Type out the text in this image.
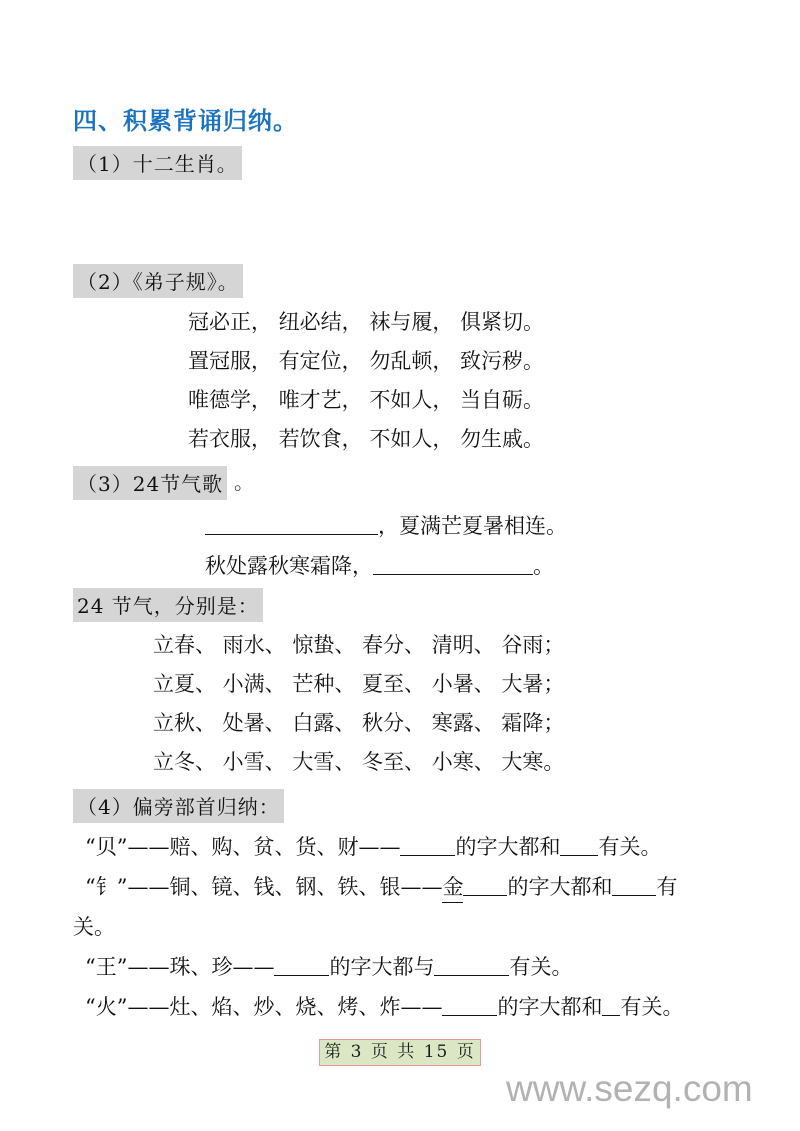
四、积累背诵归纳。
（1）十二生肖。
（2）《弟子规》。
冠必正， 纽必结， 袜与履， 俱紧切。
置冠服， 有定位， 勿乱顿， 致污秽。
唯德学， 唯才艺， 不如人， 当自砺。
若衣服， 若饮食， 不如人， 勿生戚。
（3）24节气歌 。
，夏满芒夏暑相连。
秋处露秋寒霜降，	。
24 节气，分别是：
立春、 雨水、 惊蛰、 春分、 清明、 谷雨；
立夏、 小满、 芒种、 夏至、 小暑、 大暑；
立秋、 处暑、 白露、 秋分、 寒露、 霜降；
立冬、 小雪、 大雪、 冬至、 小寒、 大寒。
（4）偏旁部首归纳：
“贝”——赔、购、贫、货、财——	的字大都和 有关。
“钅”——铜、镜、钱、钢、铁、银——金 的字大都和 有
关。
“王”——珠、珍——	的字大都与	有关。
“火”——灶、焰、炒、烧、烤、炸——	的字大都和 有关。
第 3 页 共 15 页
www.sezq.com
